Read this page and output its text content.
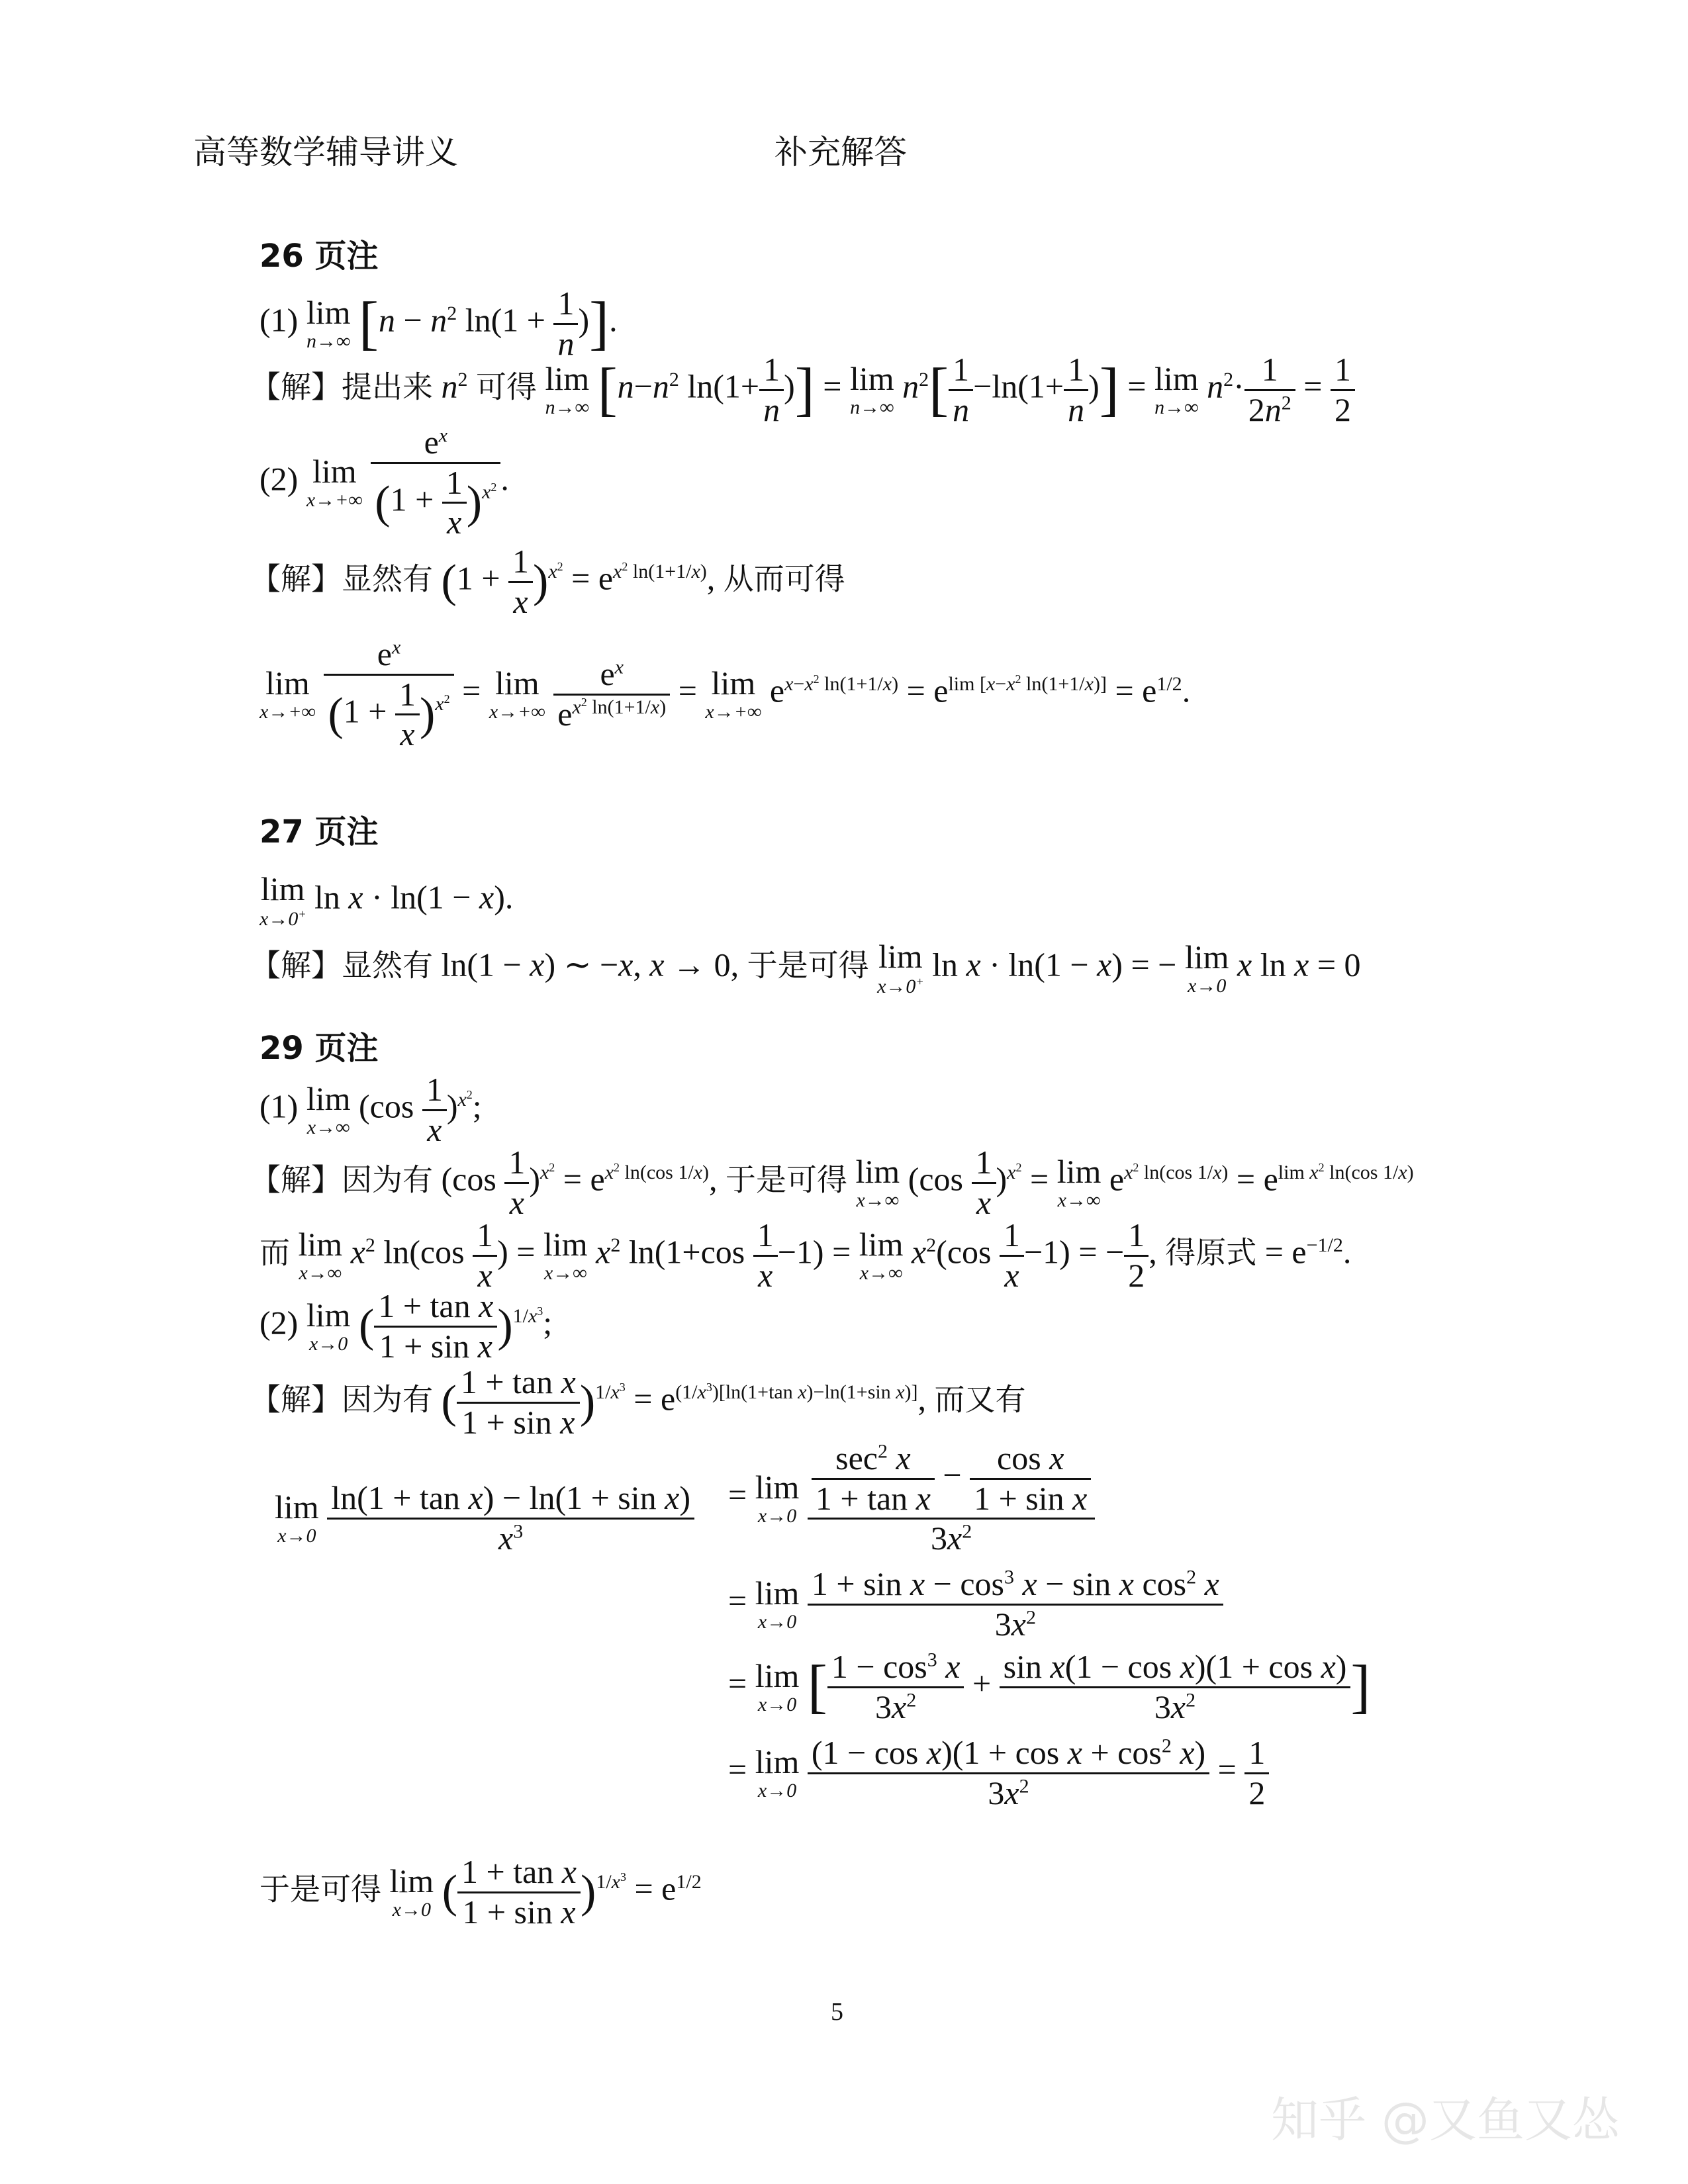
高等数学辅导讲义	补充解答
26 页注
(1) lim
n→∞ [$n - n^2$ $\ln(1 + \frac{1}{n}$ )].
【解】提出来 $n^2$ 可得 lim
n→∞ [$n-n^2$ $\ln(1+ \frac{1}{n}$ )] = lim
n→∞
$n^2[ \frac{1}{n} -\ln(1+ \frac{1}{n}$ )] = lim
n→∞
$n^2\cdot \frac{1}{2n^2} = \frac{1}{2}$
(2) lim
x→+∞
$\frac{e^x}{(1 + \frac{1}{x} )^{x^2}}$ .
【解】显然有 $(1 + \frac{1}{x} )^{x^2} = e^{x^2 ln(1+1/x)}$, 从而可得
lim
x→+∞
$\frac{e^x}{(1 + \frac{1}{x} )^{x^2}} = \lim$
x→+∞
$\frac{e^x}{e^{x^2 ln(1+1/x)}} = \lim$
x→+∞
$e^{x-x^2 ln(1+1/x)} = e^{lim [x-x^2 ln(1+1/x)]} = e^{1/2}$.
27 页注
lim
x→0+ ln x · ln(1 − x).
【解】显然有 ln(1 − x) ∼ −x, x → 0, 于是可得 lim
x→0+ ln x · ln(1 − x) = − lim
x→0
x ln x = 0
29 页注
(1) lim
x→∞
$(\cos \frac{1}{x} )^{x^2}$;
【解】因为有 $(\cos \frac{1}{x} )^{x^2} = e^{x^2 ln(cos 1/x)}$, 于是可得 lim
x→∞
$(\cos \frac{1}{x} )^{x^2} = \lim$
x→∞
$e^{x^2 ln(cos 1/x)} = e^{lim x^2 ln(cos 1/x)}$
而 lim
x→∞
$x^2$ $\ln(\cos \frac{1}{x}$ ) = lim
x→∞
$x^2$ $\ln(1+\cos \frac{1}{x} -1) = \lim$
x→∞
$x^2(\cos \frac{1}{x} -1)$ = − $\frac{1}{2}$ , 得原式 = $e^{-1/2}$.
(2) lim
x→0 ( $\frac{\text{1 + tan x}}{\text{1 + sin x}} )^{1/x^3}$;
【解】因为有 ( $\frac{\text{1 + tan x}}{\text{1 + sin x}} )^{1/x^3} = e^{(1/x^3)[ln(1+tan x)-ln(1+sin x)]}$, 而又有
lim
x→0
$\frac{\text{ln(1 + tan x) − ln(1 + sin x)}}{x^3} = \lim$
x→0
$\frac{\frac{\sec^2 x}{\text{1 + tan x}} - \frac{\text{cos x}}{\text{1 + sin x}}}{3x^2}$
= lim
x→0
$\frac{1 + \sin x - \cos^3 x - \sin x \cos^2 x}{3x^2}$
= lim
x→0 [ $\frac{1 - \cos^3 x}{3x^2} + \frac{\text{sin x(1 − cos x)(1 + cos x)}}{3x^2}$ ]
= lim
x→0
$\frac{(1 - \cos x)(1 + \cos x + \cos^2 x)}{3x^2} = \frac{1}{2}$
于是可得 lim
x→0 ( $\frac{\text{1 + tan x}}{\text{1 + sin x}} )^{1/x^3} = e^{1/2}$
5
知乎 @又鱼又怂
